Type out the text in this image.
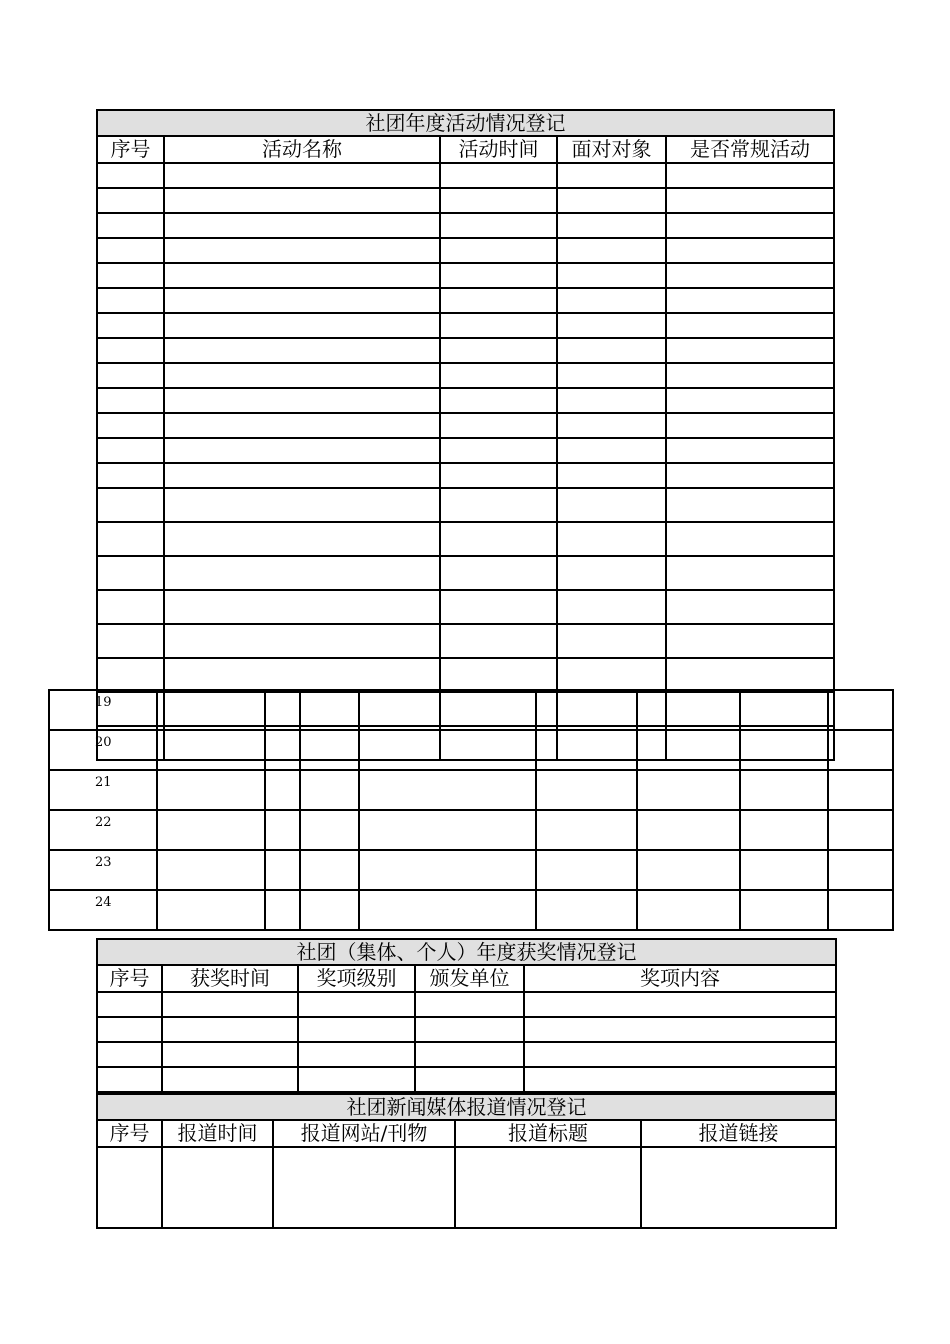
社团年度活动情况登记				
序号	活动名称	活动时间	面对对象	是否常规活动

19								
20								
21								
22								
23								
24								
社团（集体、个人）年度获奖情况登记				
序号	获奖时间	奖项级别	颁发单位	奖项内容

社团新闻媒体报道情况登记				
序号	报道时间	报道网站/刊物	报道标题	报道链接
